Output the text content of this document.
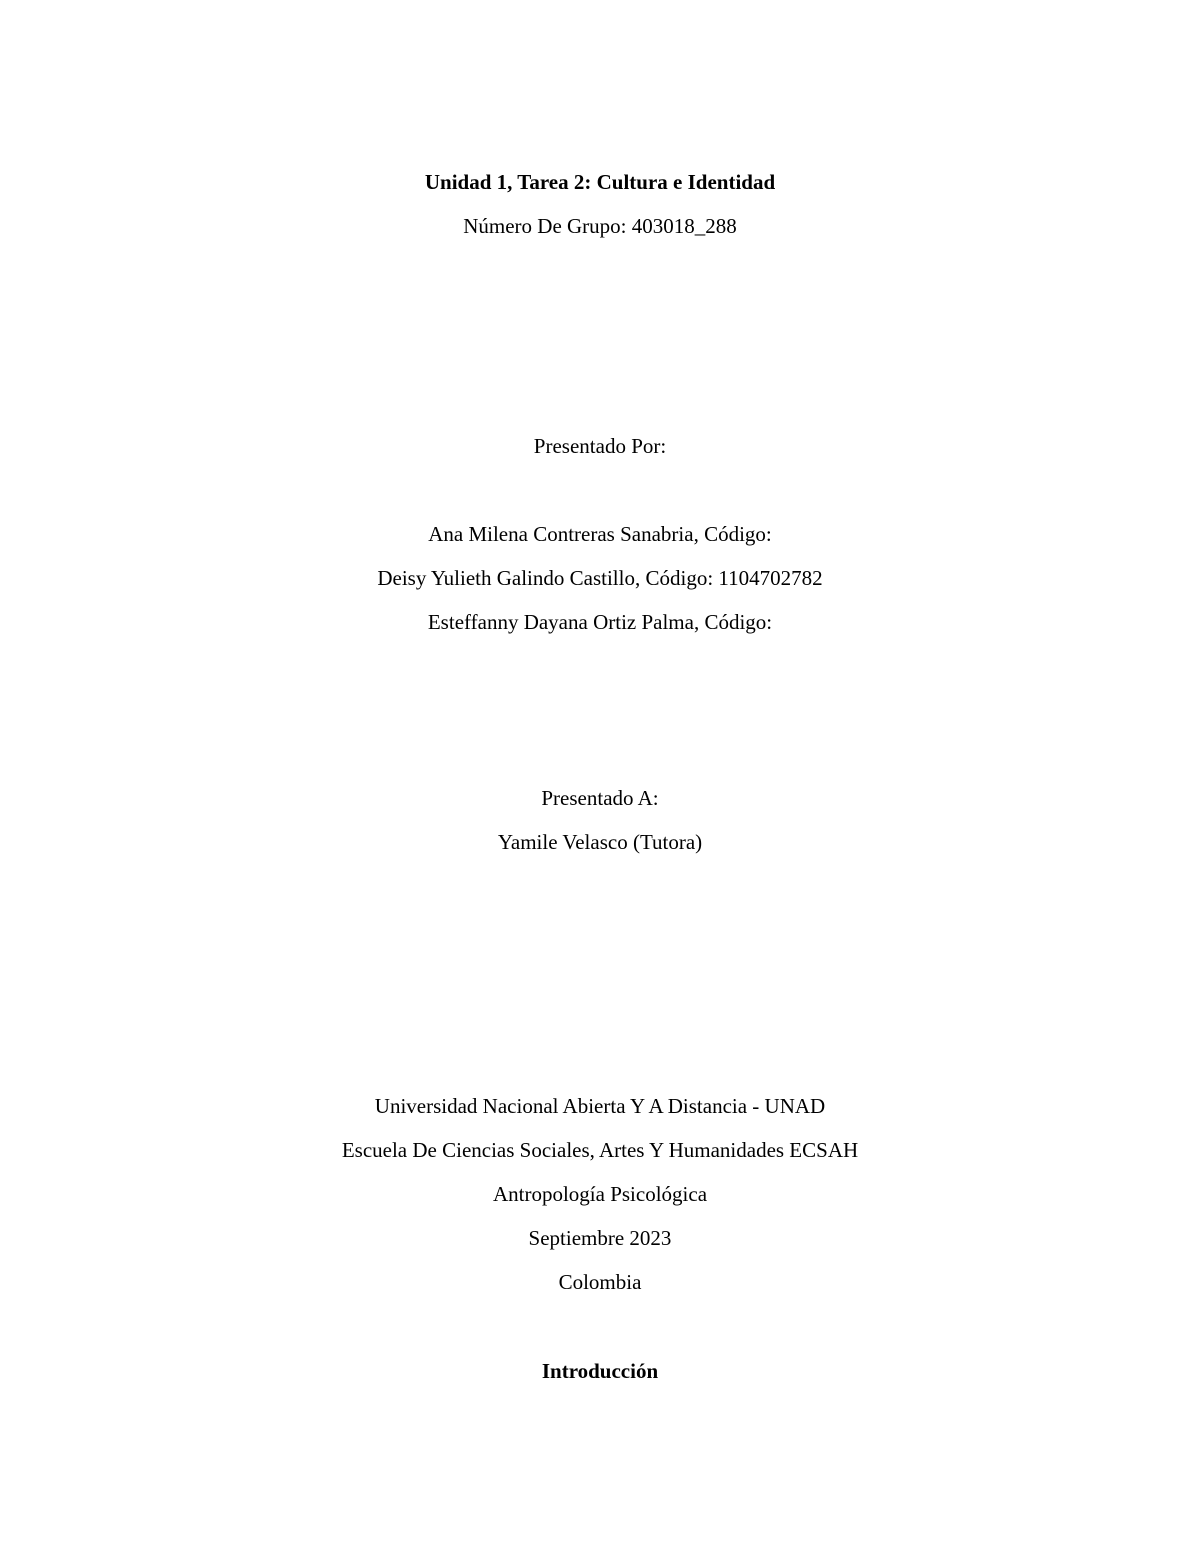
Unidad 1, Tarea 2: Cultura e Identidad
Número De Grupo: 403018_288
Presentado Por:
Ana Milena Contreras Sanabria, Código:
Deisy Yulieth Galindo Castillo, Código: 1104702782
Esteffanny Dayana Ortiz Palma, Código:
Presentado A:
Yamile Velasco (Tutora)
Universidad Nacional Abierta Y A Distancia - UNAD
Escuela De Ciencias Sociales, Artes Y Humanidades ECSAH
Antropología Psicológica
Septiembre 2023
Colombia
Introducción
